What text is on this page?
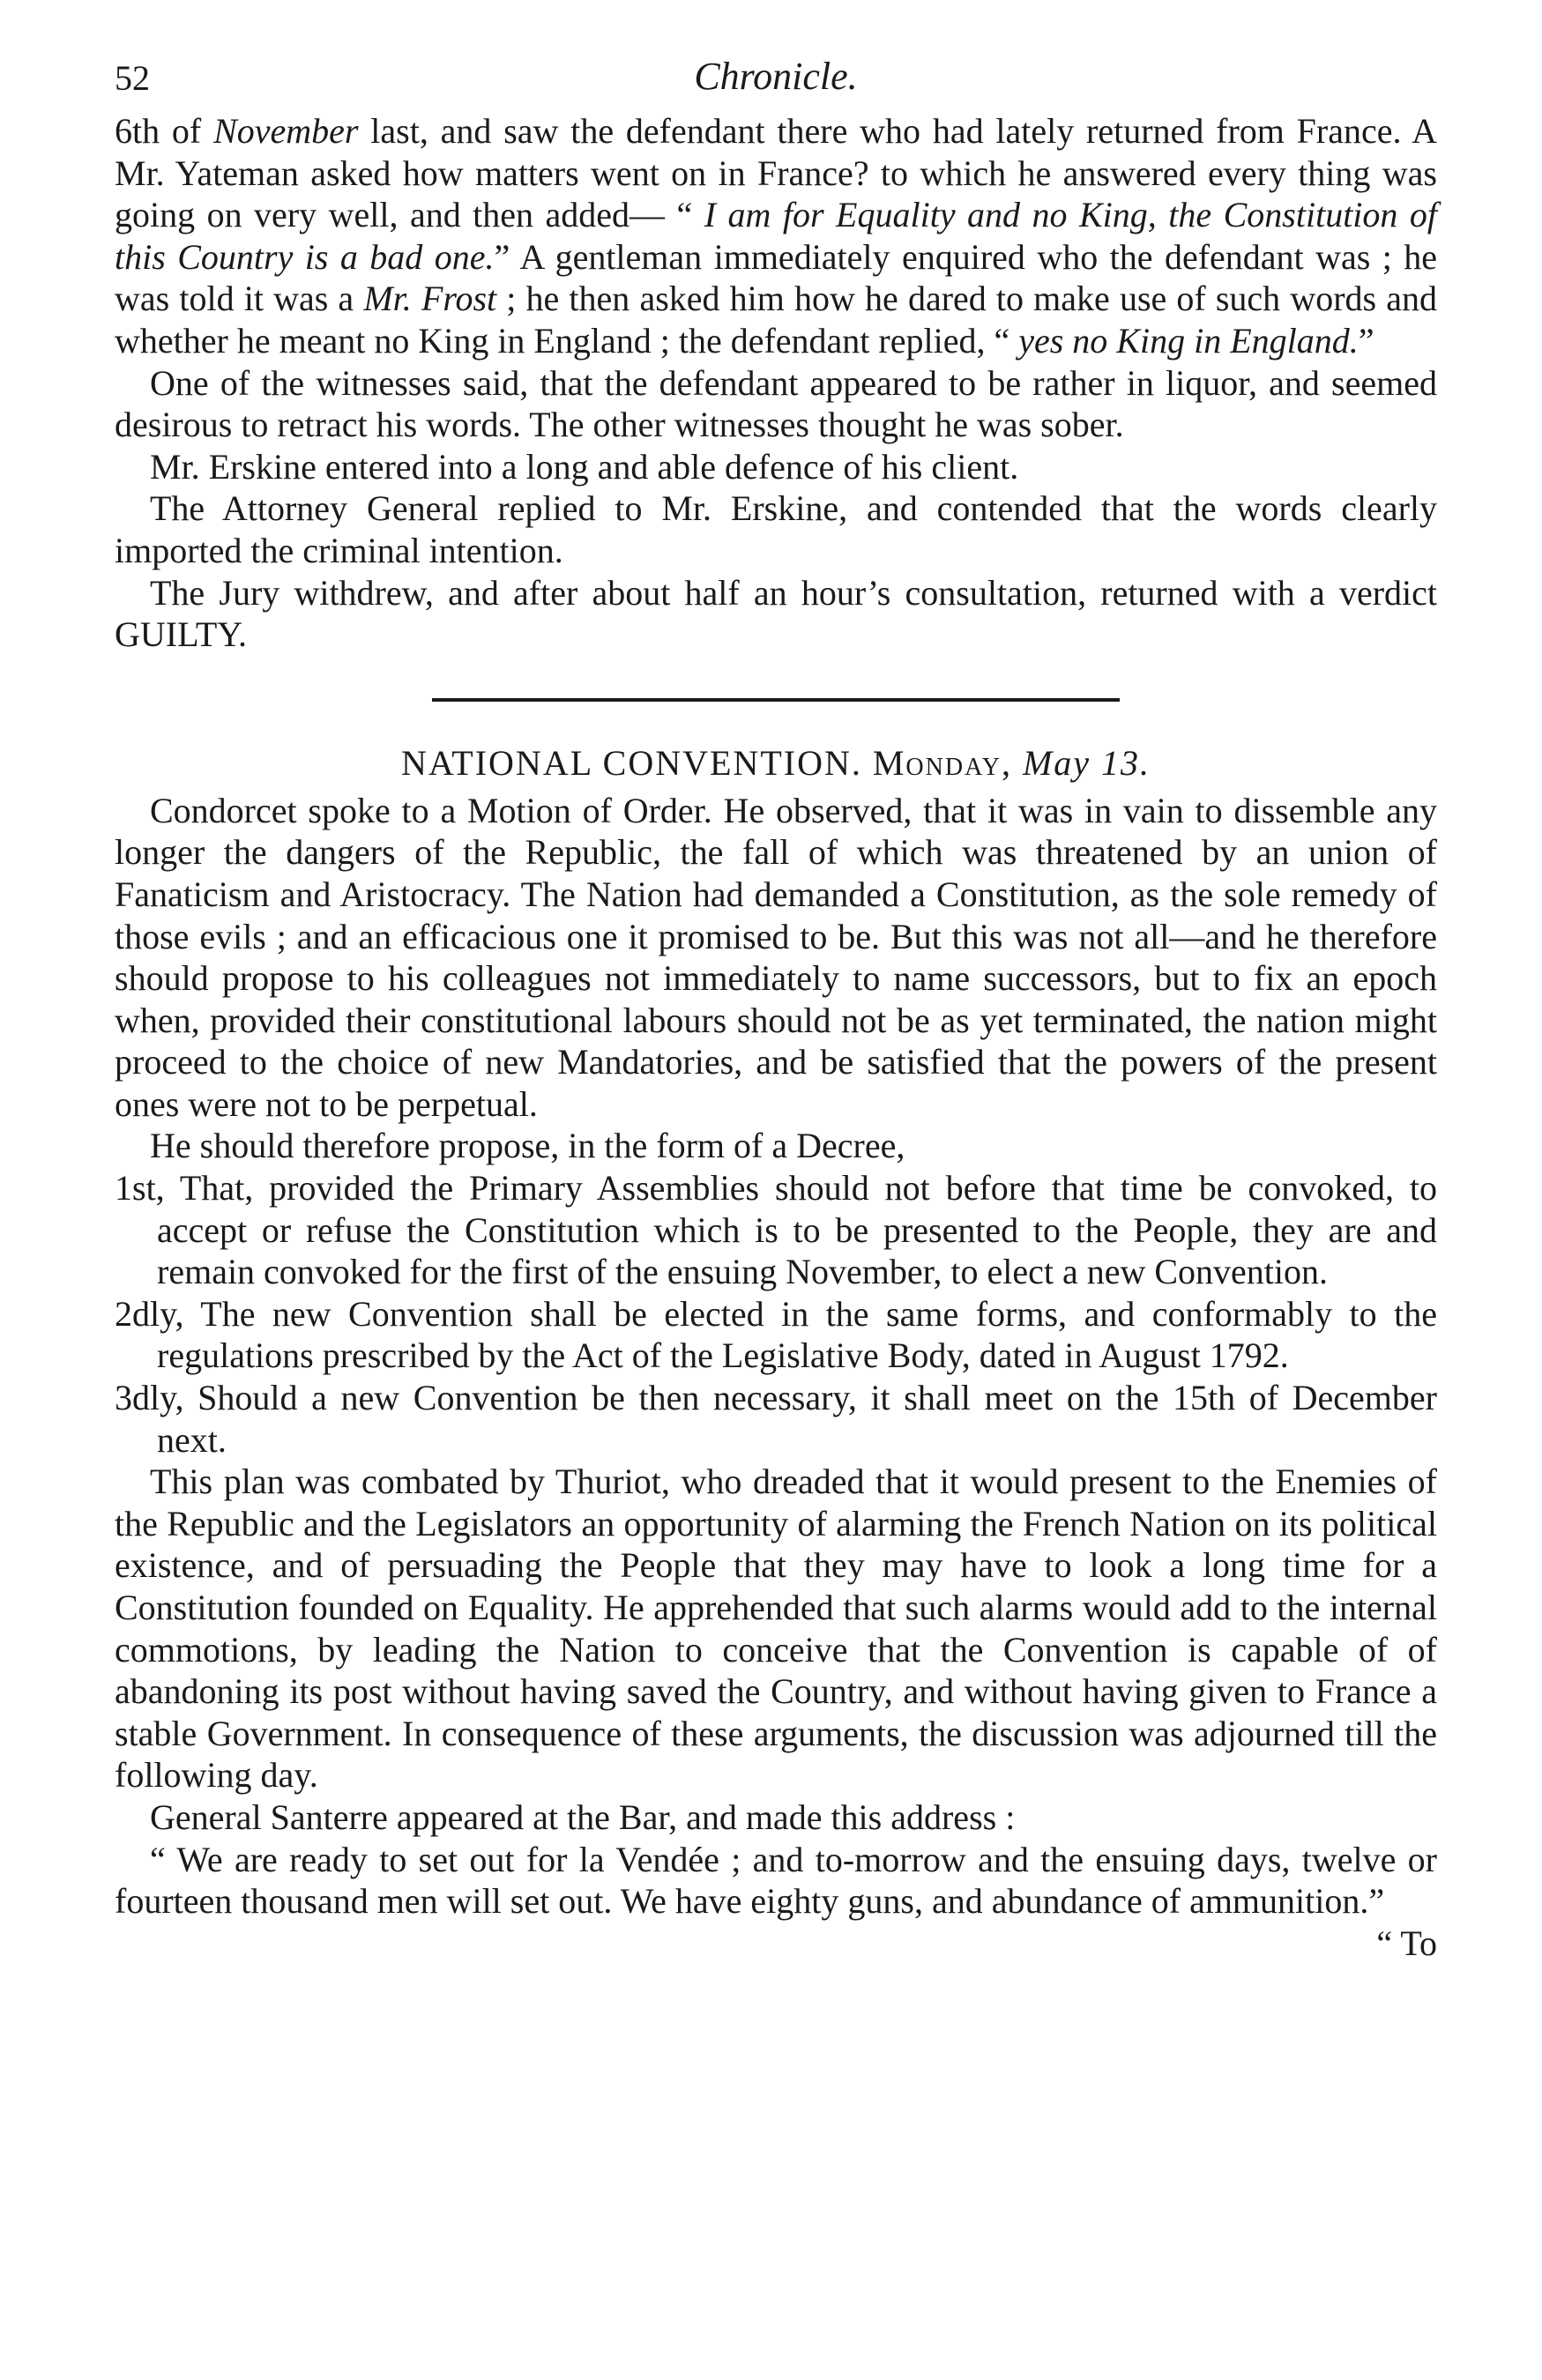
52	Chronicle.

6th of November last, and saw the defendant there who had lately returned from France. A Mr. Yateman asked how matters went on in France? to which he answered every thing was going on very well, and then added— “ I am for Equality and no King, the Constitution of this Country is a bad one.” A gentleman immediately enquired who the defendant was ; he was told it was a Mr. Frost ; he then asked him how he dared to make use of such words and whether he meant no King in England ; the defendant replied, “ yes no King in England.”

One of the witnesses said, that the defendant appeared to be rather in liquor, and seemed desirous to retract his words. The other witnesses thought he was sober.

Mr. Erskine entered into a long and able defence of his client.

The Attorney General replied to Mr. Erskine, and contended that the words clearly imported the criminal intention.

The Jury withdrew, and after about half an hour’s consultation, returned with a verdict GUILTY.

NATIONAL CONVENTION. Monday, May 13.

Condorcet spoke to a Motion of Order. He observed, that it was in vain to dissemble any longer the dangers of the Republic, the fall of which was threatened by an union of Fanaticism and Aristocracy. The Nation had demanded a Constitution, as the sole remedy of those evils ; and an efficacious one it promised to be. But this was not all—and he therefore should propose to his colleagues not immediately to name successors, but to fix an epoch when, provided their constitutional labours should not be as yet terminated, the nation might proceed to the choice of new Mandatories, and be satisfied that the powers of the present ones were not to be perpetual.

He should therefore propose, in the form of a Decree,

1st, That, provided the Primary Assemblies should not before that time be convoked, to accept or refuse the Constitution which is to be presented to the People, they are and remain convoked for the first of the ensuing November, to elect a new Convention.

2dly, The new Convention shall be elected in the same forms, and conformably to the regulations prescribed by the Act of the Legislative Body, dated in August 1792.

3dly, Should a new Convention be then necessary, it shall meet on the 15th of December next.

This plan was combated by Thuriot, who dreaded that it would present to the Enemies of the Republic and the Legislators an opportunity of alarming the French Nation on its political existence, and of persuading the People that they may have to look a long time for a Constitution founded on Equality. He apprehended that such alarms would add to the internal commotions, by leading the Nation to conceive that the Convention is capable of of abandoning its post without having saved the Country, and without having given to France a stable Government. In consequence of these arguments, the discussion was adjourned till the following day.

General Santerre appeared at the Bar, and made this address :

“ We are ready to set out for la Vendée ; and to-morrow and the ensuing days, twelve or fourteen thousand men will set out. We have eighty guns, and abundance of ammunition.”

“ To
